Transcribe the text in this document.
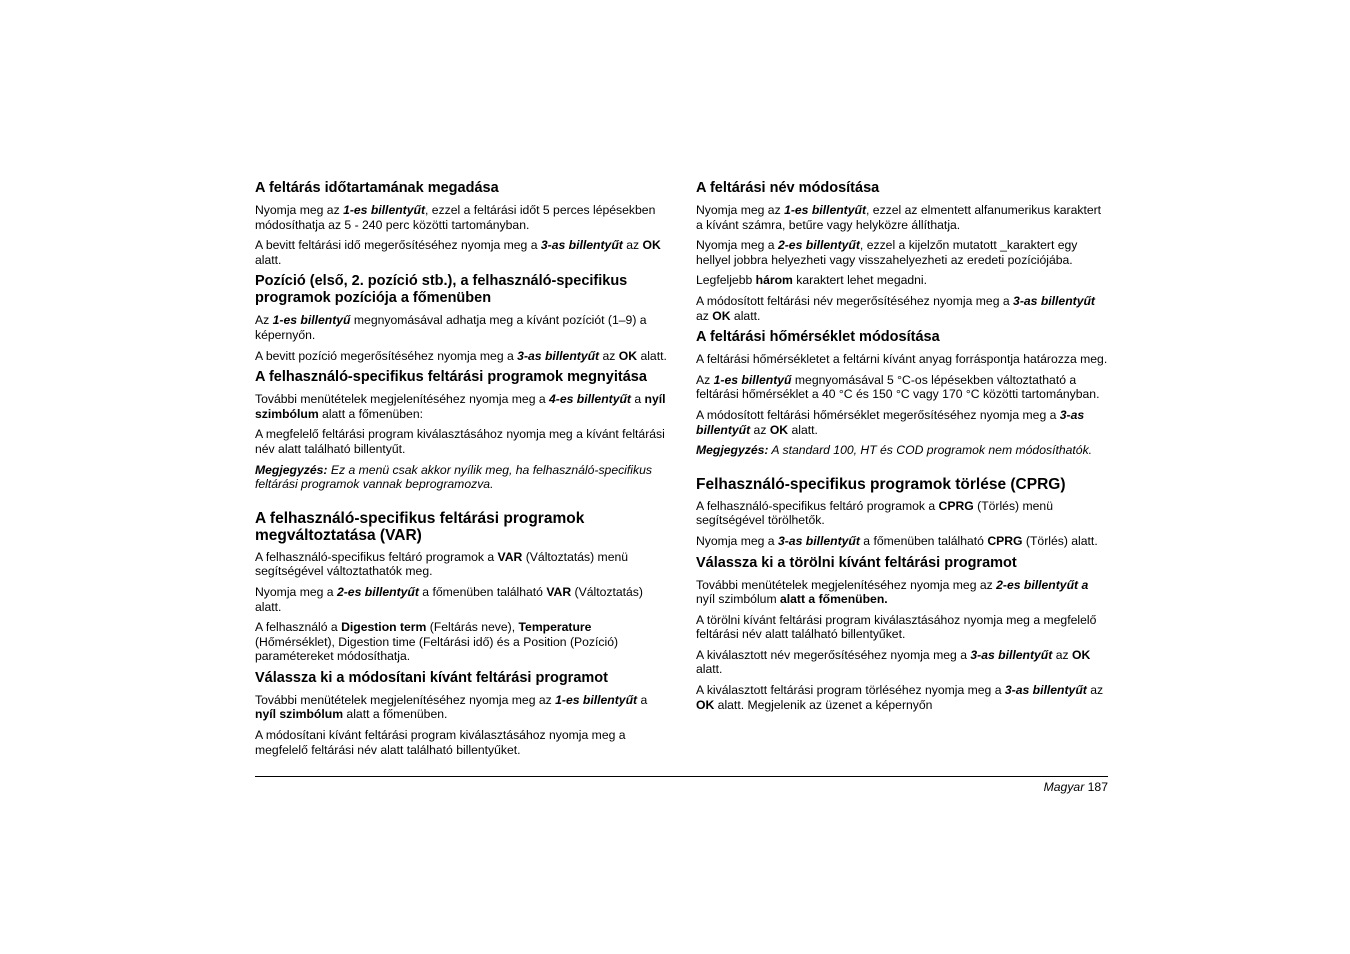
A feltárás időtartamának megadása

Nyomja meg az 1-es billentyűt, ezzel a feltárási időt 5 perces lépésekben módosíthatja az 5 - 240 perc közötti tartományban.

A bevitt feltárási idő megerősítéséhez nyomja meg a 3-as billentyűt az OK alatt.

Pozíció (első, 2. pozíció stb.), a felhasználó-specifikus programok pozíciója a főmenüben

Az 1-es billentyű megnyomásával adhatja meg a kívánt pozíciót (1–9) a képernyőn.

A bevitt pozíció megerősítéséhez nyomja meg a 3-as billentyűt az OK alatt.

A felhasználó-specifikus feltárási programok megnyitása

További menütételek megjelenítéséhez nyomja meg a 4-es billentyűt a nyíl szimbólum alatt a főmenüben:

A megfelelő feltárási program kiválasztásához nyomja meg a kívánt feltárási név alatt található billentyűt.

Megjegyzés: Ez a menü csak akkor nyílik meg, ha felhasználó-specifikus feltárási programok vannak beprogramozva.

A felhasználó-specifikus feltárási programok megváltoztatása (VAR)

A felhasználó-specifikus feltáró programok a VAR (Változtatás) menü segítségével változtathatók meg.

Nyomja meg a 2-es billentyűt a főmenüben található VAR (Változtatás) alatt.

A felhasználó a Digestion term (Feltárás neve), Temperature (Hőmérséklet), Digestion time (Feltárási idő) és a Position (Pozíció) paramétereket módosíthatja.

Válassza ki a módosítani kívánt feltárási programot

További menütételek megjelenítéséhez nyomja meg az 1-es billentyűt a nyíl szimbólum alatt a főmenüben.

A módosítani kívánt feltárási program kiválasztásához nyomja meg a megfelelő feltárási név alatt található billentyűket.

A feltárási név módosítása

Nyomja meg az 1-es billentyűt, ezzel az elmentett alfanumerikus karaktert a kívánt számra, betűre vagy helyközre állíthatja.

Nyomja meg a 2-es billentyűt, ezzel a kijelzőn mutatott _karaktert egy hellyel jobbra helyezheti vagy visszahelyezheti az eredeti pozíciójába.

Legfeljebb három karaktert lehet megadni.

A módosított feltárási név megerősítéséhez nyomja meg a 3-as billentyűt az OK alatt.

A feltárási hőmérséklet módosítása

A feltárási hőmérsékletet a feltárni kívánt anyag forráspontja határozza meg.

Az 1-es billentyű megnyomásával 5 °C-os lépésekben változtatható a feltárási hőmérséklet a 40 °C és 150 °C vagy 170 °C közötti tartományban.

A módosított feltárási hőmérséklet megerősítéséhez nyomja meg a 3-as billentyűt az OK alatt.

Megjegyzés: A standard 100, HT és COD programok nem módosíthatók.

Felhasználó-specifikus programok törlése (CPRG)

A felhasználó-specifikus feltáró programok a CPRG (Törlés) menü segítségével törölhetők.

Nyomja meg a 3-as billentyűt a főmenüben található CPRG (Törlés) alatt.

Válassza ki a törölni kívánt feltárási programot

További menütételek megjelenítéséhez nyomja meg az 2-es billentyűt a nyíl szimbólum alatt a főmenüben.

A törölni kívánt feltárási program kiválasztásához nyomja meg a megfelelő feltárási név alatt található billentyűket.

A kiválasztott név megerősítéséhez nyomja meg a 3-as billentyűt az OK alatt.

A kiválasztott feltárási program törléséhez nyomja meg a 3-as billentyűt az OK alatt. Megjelenik az üzenet a képernyőn

Magyar 187
